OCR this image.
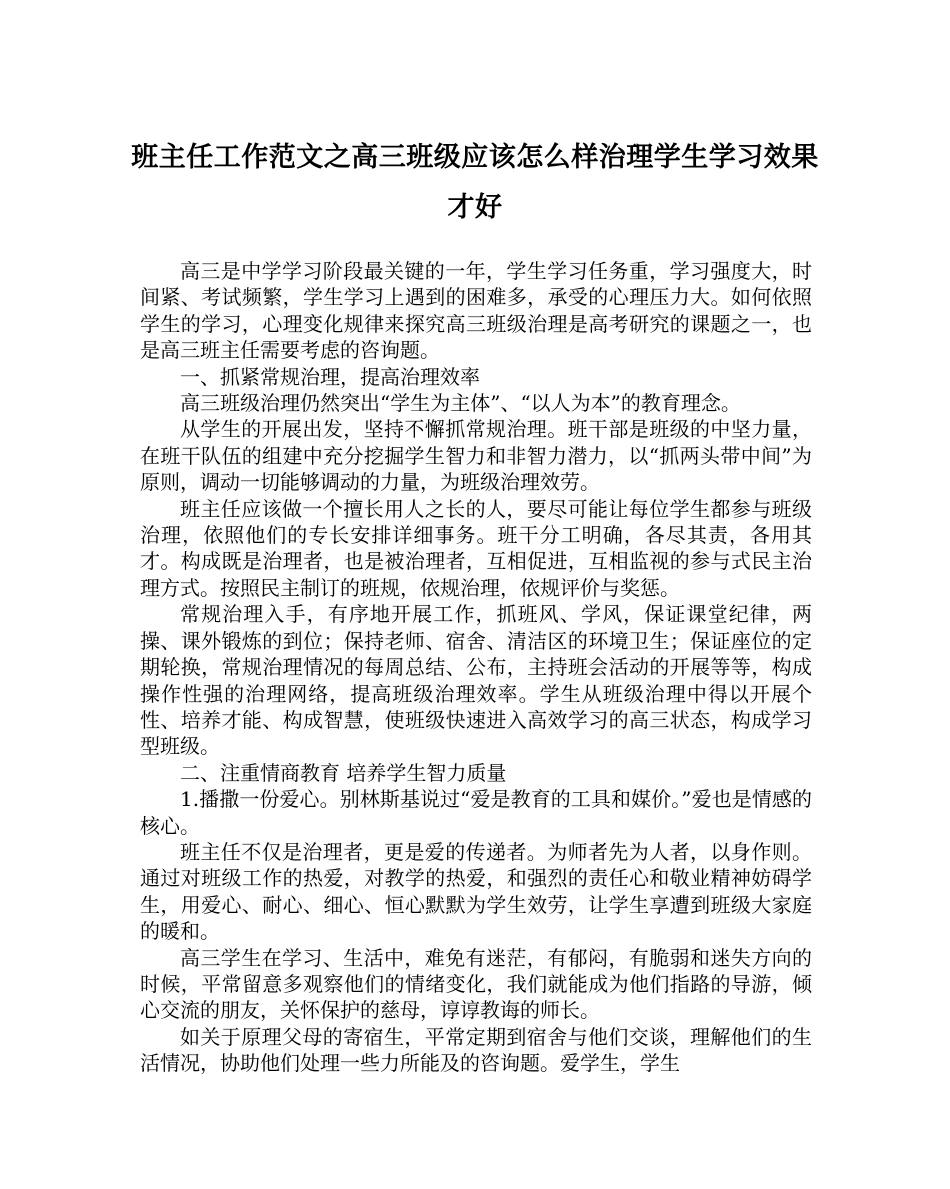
班主任工作范文之高三班级应该怎么样治理学生学习效果才好

高三是中学学习阶段最关键的一年，学生学习任务重，学习强度大，时间紧、考试频繁，学生学习上遇到的困难多，承受的心理压力大。如何依照学生的学习，心理变化规律来探究高三班级治理是高考研究的课题之一，也是高三班主任需要考虑的咨询题。

一、抓紧常规治理，提高治理效率

高三班级治理仍然突出“学生为主体”、“以人为本”的教育理念。

从学生的开展出发，坚持不懈抓常规治理。班干部是班级的中坚力量，在班干队伍的组建中充分挖掘学生智力和非智力潜力，以“抓两头带中间”为原则，调动一切能够调动的力量，为班级治理效劳。

班主任应该做一个擅长用人之长的人，要尽可能让每位学生都参与班级治理，依照他们的专长安排详细事务。班干分工明确，各尽其责，各用其才。构成既是治理者，也是被治理者，互相促进，互相监视的参与式民主治理方式。按照民主制订的班规，依规治理，依规评价与奖惩。

常规治理入手，有序地开展工作，抓班风、学风，保证课堂纪律，两操、课外锻炼的到位；保持老师、宿舍、清洁区的环境卫生；保证座位的定期轮换，常规治理情况的每周总结、公布，主持班会活动的开展等等，构成操作性强的治理网络，提高班级治理效率。学生从班级治理中得以开展个性、培养才能、构成智慧，使班级快速进入高效学习的高三状态，构成学习型班级。

二、注重情商教育 培养学生智力质量

1.播撒一份爱心。别林斯基说过“爱是教育的工具和媒价。”爱也是情感的核心。

班主任不仅是治理者，更是爱的传递者。为师者先为人者，以身作则。通过对班级工作的热爱，对教学的热爱，和强烈的责任心和敬业精神妨碍学生，用爱心、耐心、细心、恒心默默为学生效劳，让学生享遭到班级大家庭的暖和。

高三学生在学习、生活中，难免有迷茫，有郁闷，有脆弱和迷失方向的时候，平常留意多观察他们的情绪变化，我们就能成为他们指路的导游，倾心交流的朋友，关怀保护的慈母，谆谆教诲的师长。

如关于原理父母的寄宿生，平常定期到宿舍与他们交谈，理解他们的生活情况，协助他们处理一些力所能及的咨询题。爱学生，学生
